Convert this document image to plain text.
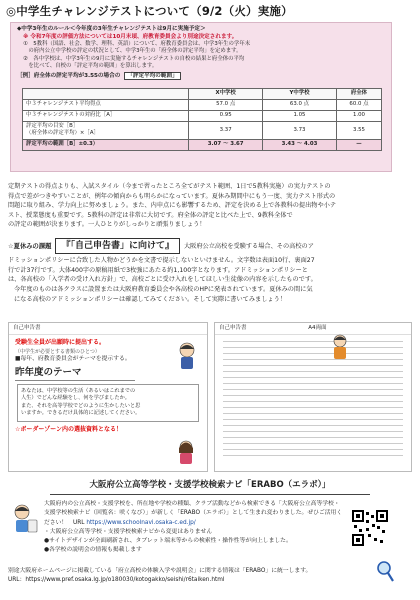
◎中学生チャレンジテストについて（9/2（火）実施）
◆中学3年生のルール＜今年度の3年生チャレンジテストは9月に実施予定＞
※ 令和7年度の評価方法については10月末頃、府教育委員会より別途決定されます。
①　5教科（国語、社会、数学、理科、英語）について、府教育委員会は、中学3年生の学年末
　の府内公立中学校の評定の状況として、中学3年生の「府全体の評定平均」を定めます。
②　各中学校は、中学3年生の9月に実施するチャレンジテストの自校の結果と府全体の平均
　を比べて、自校の「評定平均の範囲」を算出します。
［例］府全体の評定平均が3.55の場合の 「評定平均の範囲」
	X中学校	Y中学校	府全体
中３チャレンジテスト平均得点	57.0 点	63.0 点	60.0 点
中３チャレンジテストの対府比［A］	0.95	1.05	1.00
評定平均の目安［B］
（府全体の評定平均）×［A］	3.37	3.73	3.55
評定平均の範囲［B］±0.3）	3.07 ～ 3.67	3.43 ～ 4.03	—
定期テストの得点よりも、入試スタイル（今まで習ったところ全てがテスト範囲、1日で5教科実施）の実力テストの
得点で差がつきやすいことが、例年の傾向からも明らかになっています。夏休み期間中にもう一度、実力テスト形式の
問題に取り組み、学力向上に努めましょう。また、内申点にも影響するため、評定を決める上で各教科の提出物や小テ
スト、授業態度も重要です。5教科の評定は非常に大切です。府全体の評定と比べた上で、9教科全体で
の評定の範囲が決まります。一人ひとりがしっかりと頑張りましょう！
☆夏休みの課題	『「自己申告書」に向けて』	大阪府公立高校を受験する場合、その高校のア
ドミッションポリシーに合致した人物かどうかを文書で提示しないといけません。文字数は表面10行、裏面27
行で計37行です。大体400字の原稿用紙で3枚強にあたる約1,100字となります。アドミッションポリシーと
は、各高校の「入学者の受け入れ方針」で、高校ごとに受け入れをしてほしい生徒像の内容を示したものです。
今年度のものは各クラスに設置または大阪府教育委員会や各高校のHPに発表されています。夏休みの間に気
になる高校のアドミッションポリシーは確認してみてください。そして実際に書いてみましょう！
自己申告書
受験生全員が出願時に提出する。
（中学生が必要とする書類のひとつ）
■毎年、府教育委員会がテーマを提示する。
昨年度のテーマ
あなたは、中学校等の生活（あるいはこれまでの
人生）でどんな経験をし、何を学びましたか。
また、それを高等学校でどのように生かしたいと思
いますか。できるだけ具体的に記述してください。
☆ボーダーゾーン内の選抜資料となる！
自己申告書	A4両面
大阪府公立高等学校・支援学校検索ナビ「ERABO（エラボ）」
大阪府内の公立高校・支援学校を、所在地や学校の種類、クラブ活動などから検索できる「大阪府公立高等学校・
支援学校検索ナビ（回覧名：咲くなび）」が新しく「ERABO（エラボ）」として生まれ変わりました。ぜひご活用く
ださい！　URL https://www.schoolnavi.osaka-c.ed.jp/
・大阪府公立高等学校・支援学校検索ナビから変更はありません
●サイトデザインが全面刷新され、タブレット端末等からの検索性・操作性等が向上しました。
●各学校の説明会の情報も掲載します
別途大阪府ホームページに掲載している「府立高校の体験入学や説明会」に関する情報は「ERABO」に統一します。
URL：https://www.pref.osaka.lg.jp/o180030/kotogakko/seishi/r6taiken.html
